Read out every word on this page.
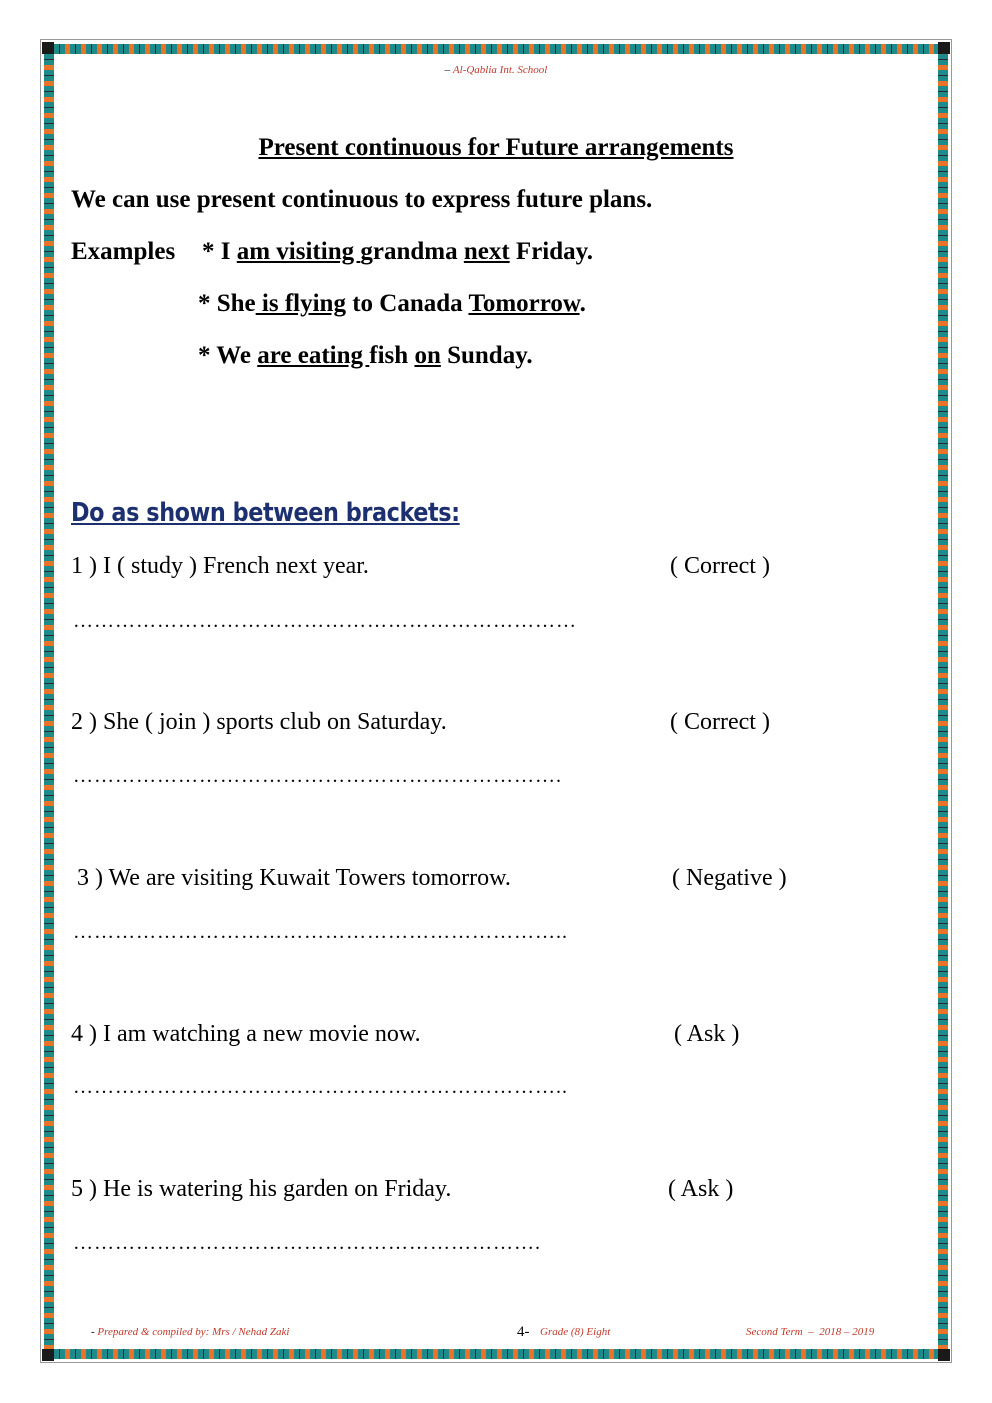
– Al-Qablia Int. School
Present continuous for Future arrangements
We can use present continuous to express future plans.
Examples * I am visiting grandma next Friday.
* She is flying to Canada Tomorrow.
* We are eating fish on Sunday.
Do as shown between brackets:
1 ) I ( study ) French next year.	( Correct )
………………………………………………………………
2 ) She ( join ) sports club on Saturday.	( Correct )
…………………………………………………………….
3 ) We are visiting Kuwait Towers tomorrow.	( Negative )
……………………………………………………………..
4 ) I am watching a new movie now.	( Ask )
……………………………………………………………..
5 ) He is watering his garden on Friday.	( Ask )
………………………………………………………….
- Prepared & compiled by: Mrs / Nehad Zaki	4- Grade (8) Eight	Second Term  –  2018 – 2019
